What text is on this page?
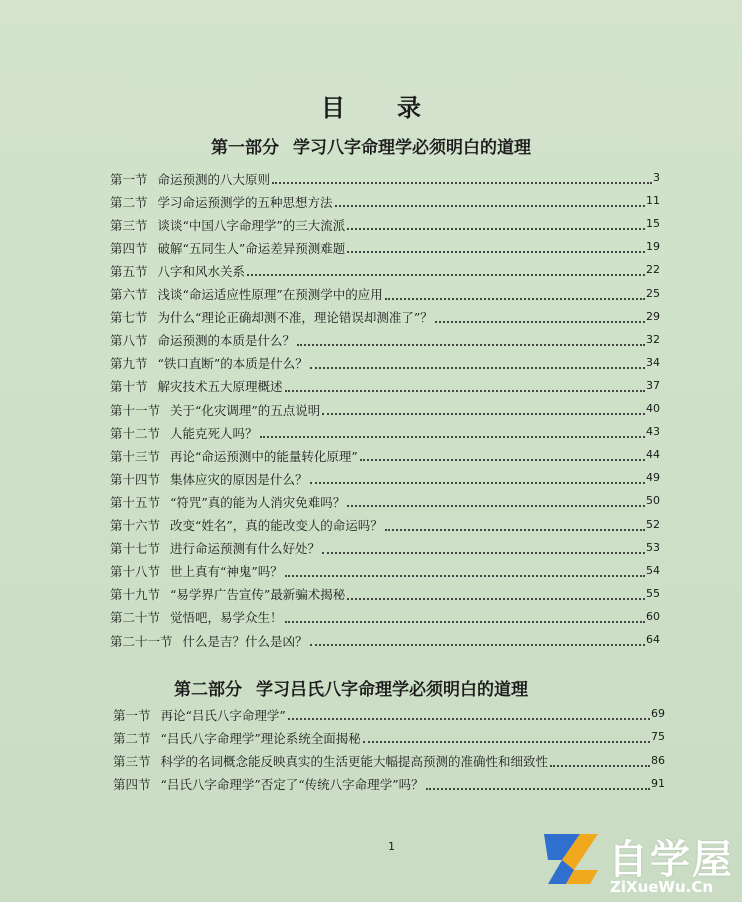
目 录
第一部分 学习八字命理学必须明白的道理
第一节 命运预测的八大原则	3
第二节 学习命运预测学的五种思想方法	11
第三节 谈谈“中国八字命理学”的三大流派	15
第四节 破解“五同生人”命运差异预测难题	19
第五节 八字和风水关系	22
第六节 浅谈“命运适应性原理”在预测学中的应用	25
第七节 为什么“理论正确却测不准，理论错误却测准了”？	29
第八节 命运预测的本质是什么？	32
第九节 “铁口直断”的本质是什么？	34
第十节 解灾技术五大原理概述	37
第十一节 关于“化灾调理”的五点说明	40
第十二节 人能克死人吗？	43
第十三节 再论“命运预测中的能量转化原理”	44
第十四节 集体应灾的原因是什么？	49
第十五节 “符咒”真的能为人消灾免难吗？	50
第十六节 改变“姓名”，真的能改变人的命运吗？	52
第十七节 进行命运预测有什么好处？	53
第十八节 世上真有“神鬼”吗？	54
第十九节 “易学界广告宣传”最新骗术揭秘	55
第二十节 觉悟吧，易学众生！	60
第二十一节 什么是吉？什么是凶？	64
第二部分 学习吕氏八字命理学必须明白的道理
第一节 再论“吕氏八字命理学”	69
第二节 “吕氏八字命理学”理论系统全面揭秘	75
第三节 科学的名词概念能反映真实的生活更能大幅提高预测的准确性和细致性	86
第四节 “吕氏八字命理学”否定了“传统八字命理学”吗？	91
1	自学屋
ZiXueWu.Cn
